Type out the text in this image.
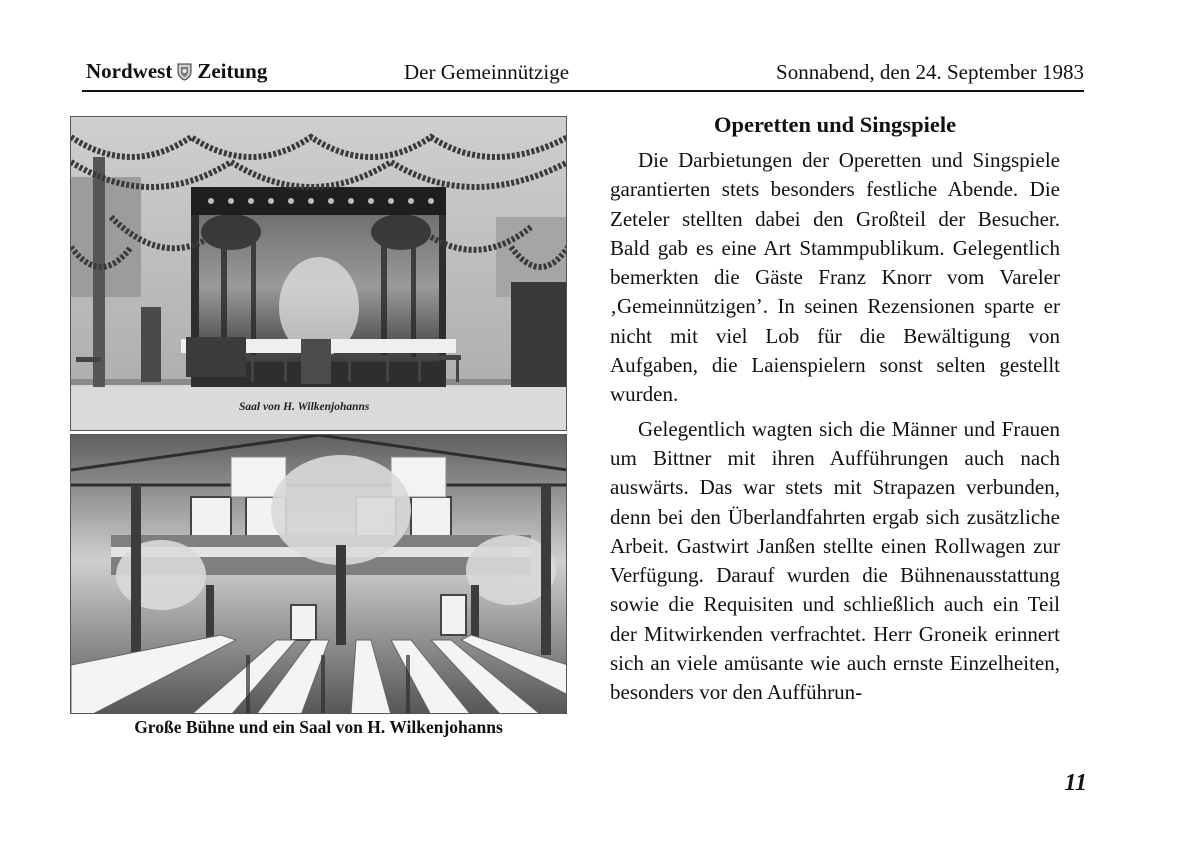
Nordwest Zeitung	Der Gemeinnützige	Sonnabend, den 24. September 1983
Saal von H. Wilkenjohanns
Große Bühne und ein Saal von H. Wilkenjohanns
Operetten und Singspiele

Die Darbietungen der Operetten und Singspiele garantierten stets besonders festliche Abende. Die Zeteler stellten dabei den Großteil der Besucher. Bald gab es eine Art Stammpublikum. Gelegentlich bemerkten die Gäste Franz Knorr vom Vareler ‚Gemeinnützigen’. In seinen Rezensionen sparte er nicht mit viel Lob für die Bewältigung von Aufgaben, die Laienspielern sonst selten gestellt wurden.

Gelegentlich wagten sich die Männer und Frauen um Bittner mit ihren Aufführungen auch nach auswärts. Das war stets mit Strapazen verbunden, denn bei den Überlandfahrten ergab sich zusätzliche Arbeit. Gastwirt Janßen stellte einen Rollwagen zur Verfügung. Darauf wurden die Bühnenausstattung sowie die Requisiten und schließlich auch ein Teil der Mitwirkenden verfrachtet. Herr Groneik erinnert sich an viele amüsante wie auch ernste Einzelheiten, besonders vor den Aufführun-

11
